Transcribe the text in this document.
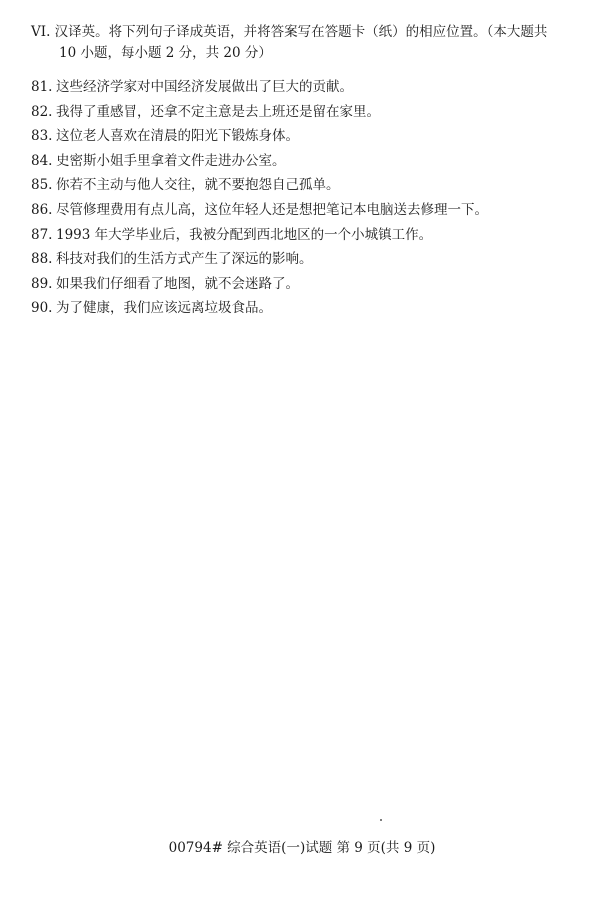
VI. 汉译英。将下列句子译成英语，并将答案写在答题卡（纸）的相应位置。（本大题共
10 小题，每小题 2 分，共 20 分）
81. 这些经济学家对中国经济发展做出了巨大的贡献。
82. 我得了重感冒，还拿不定主意是去上班还是留在家里。
83. 这位老人喜欢在清晨的阳光下锻炼身体。
84. 史密斯小姐手里拿着文件走进办公室。
85. 你若不主动与他人交往，就不要抱怨自己孤单。
86. 尽管修理费用有点儿高，这位年轻人还是想把笔记本电脑送去修理一下。
87. 1993 年大学毕业后，我被分配到西北地区的一个小城镇工作。
88. 科技对我们的生活方式产生了深远的影响。
89. 如果我们仔细看了地图，就不会迷路了。
90. 为了健康，我们应该远离垃圾食品。
00794# 综合英语(一)试题 第 9 页(共 9 页)
